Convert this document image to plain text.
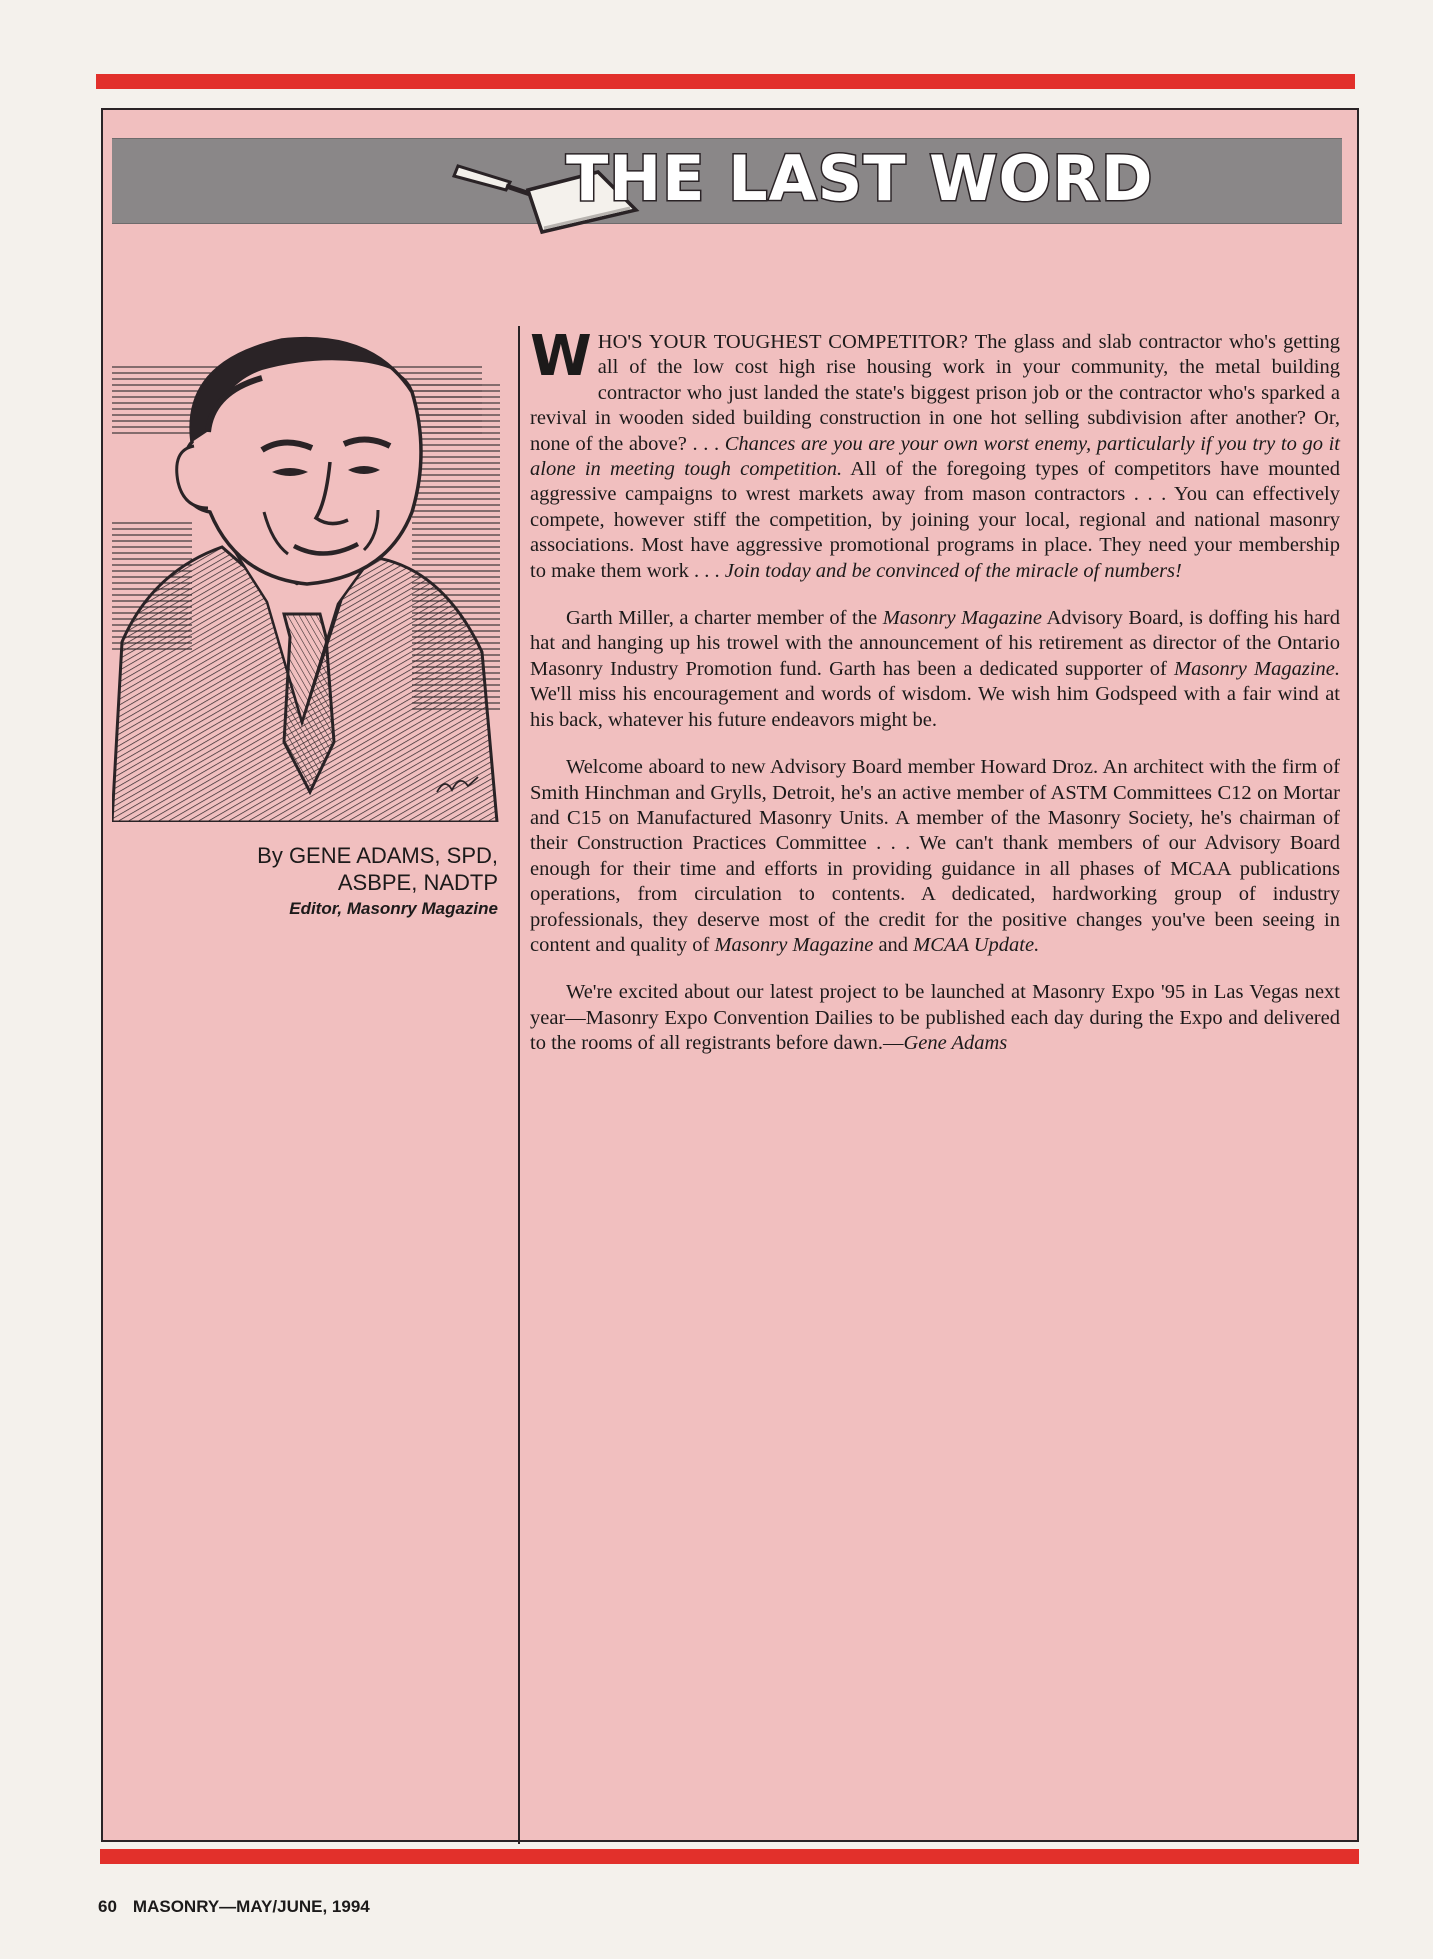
THE LAST WORD
By GENE ADAMS, SPD,
ASBPE, NADTP
Editor, Masonry Magazine

WHO'S YOUR TOUGHEST COMPETITOR? The glass and slab contractor who's getting all of the low cost high rise housing work in your community, the metal building contractor who just landed the state's biggest prison job or the contractor who's sparked a revival in wooden sided building construction in one hot selling subdivision after another? Or, none of the above? . . . Chances are you are your own worst enemy, particularly if you try to go it alone in meeting tough competition. All of the foregoing types of competitors have mounted aggressive campaigns to wrest markets away from mason contractors . . . You can effectively compete, however stiff the competition, by joining your local, regional and national masonry associations. Most have aggressive promotional programs in place. They need your membership to make them work . . . Join today and be convinced of the miracle of numbers!

Garth Miller, a charter member of the Masonry Magazine Advisory Board, is doffing his hard hat and hanging up his trowel with the announcement of his retirement as director of the Ontario Masonry Industry Promotion fund. Garth has been a dedicated supporter of Masonry Magazine. We'll miss his encouragement and words of wisdom. We wish him Godspeed with a fair wind at his back, whatever his future endeavors might be.

Welcome aboard to new Advisory Board member Howard Droz. An architect with the firm of Smith Hinchman and Grylls, Detroit, he's an active member of ASTM Committees C12 on Mortar and C15 on Manufactured Masonry Units. A member of the Masonry Society, he's chairman of their Construction Practices Committee . . . We can't thank members of our Advisory Board enough for their time and efforts in providing guidance in all phases of MCAA publications operations, from circulation to contents. A dedicated, hardworking group of industry professionals, they deserve most of the credit for the positive changes you've been seeing in content and quality of Masonry Magazine and MCAA Update.

We're excited about our latest project to be launched at Masonry Expo '95 in Las Vegas next year—Masonry Expo Convention Dailies to be published each day during the Expo and delivered to the rooms of all registrants before dawn.—Gene Adams

60 MASONRY—MAY/JUNE, 1994
